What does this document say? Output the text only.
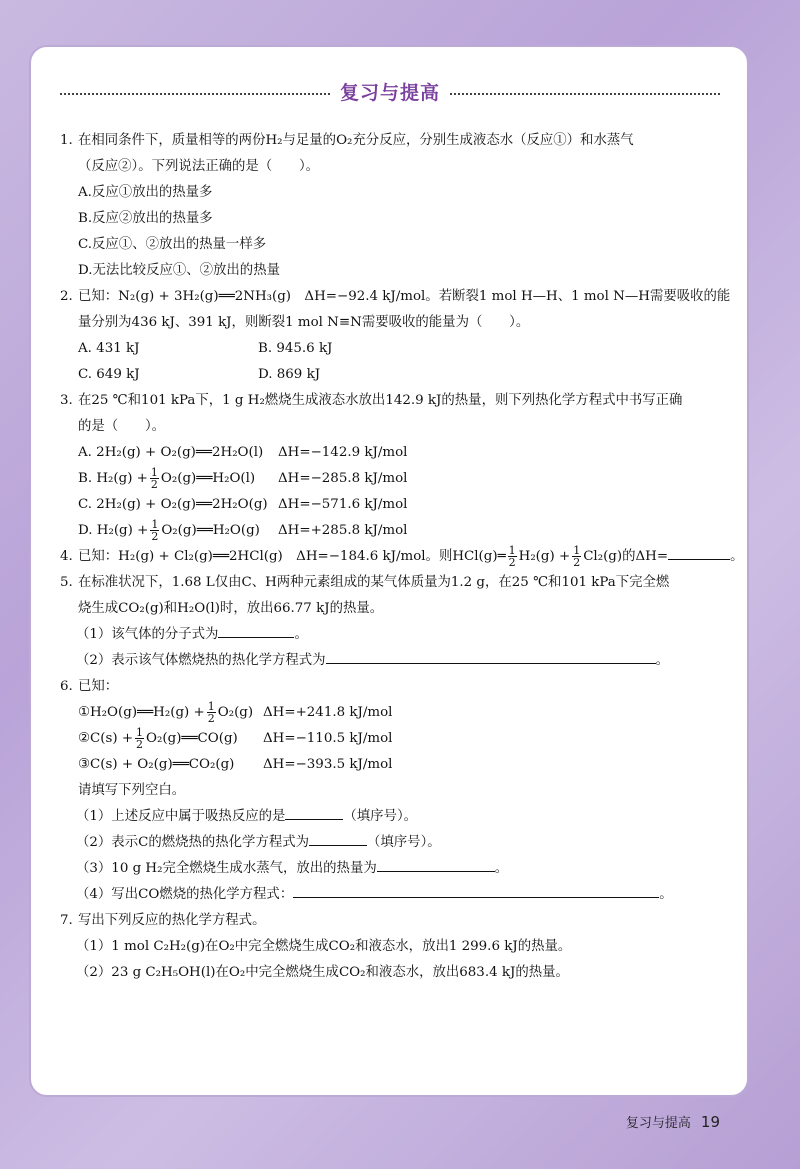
复习与提高
1. 在相同条件下，质量相等的两份H₂与足量的O₂充分反应，分别生成液态水（反应①）和水蒸气
（反应②）。下列说法正确的是（　　）。
A.反应①放出的热量多
B.反应②放出的热量多
C.反应①、②放出的热量一样多
D.无法比较反应①、②放出的热量
2. 已知：N₂(g) + 3H₂(g)══2NH₃(g)　ΔH=−92.4 kJ/mol。若断裂1 mol H—H、1 mol N—H需要吸收的能
量分别为436 kJ、391 kJ，则断裂1 mol N≡N需要吸收的能量为（　　）。
A. 431 kJ	B. 945.6 kJ
C. 649 kJ	D. 869 kJ
3. 在25 ℃和101 kPa下，1 g H₂燃烧生成液态水放出142.9 kJ的热量，则下列热化学方程式中书写正确
的是（　　）。
A. 2H₂(g) + O₂(g)══2H₂O(l)	ΔH=−142.9 kJ/mol
B. $H_2(g) + \frac{1}{2}$ O₂(g)══H₂O(l)	ΔH=−285.8 kJ/mol
C. 2H₂(g) + O₂(g)══2H₂O(g) ΔH=−571.6 kJ/mol
D. $H_2(g) + \frac{1}{2}$ O₂(g)══H₂O(g)	ΔH=+285.8 kJ/mol
4. 已知：H₂(g) + Cl₂(g)══2HCl(g)　ΔH=−184.6 kJ/mol。则HCl(g)═ $\frac{1}{2} H_2(g) + \frac{1}{2} Cl_2(g)$的ΔH=	。
5. 在标准状况下，1.68 L仅由C、H两种元素组成的某气体质量为1.2 g，在25 ℃和101 kPa下完全燃
烧生成CO₂(g)和H₂O(l)时，放出66.77 kJ的热量。
（1）该气体的分子式为	。
（2）表示该气体燃烧热的热化学方程式为	。
6. 已知：
①H₂O(g)══H₂(g) + $\frac{1}{2} O_2(g)$ ΔH=+241.8 kJ/mol
②C(s) + $\frac{1}{2}$ O₂(g)══CO(g)	ΔH=−110.5 kJ/mol
③C(s) + O₂(g)══CO₂(g)	ΔH=−393.5 kJ/mol
请填写下列空白。
（1）上述反应中属于吸热反应的是	（填序号）。
（2）表示C的燃烧热的热化学方程式为	（填序号）。
（3）10 g H₂完全燃烧生成水蒸气，放出的热量为	。
（4）写出CO燃烧的热化学方程式：	。
7. 写出下列反应的热化学方程式。
（1）1 mol C₂H₂(g)在O₂中完全燃烧生成CO₂和液态水，放出1 299.6 kJ的热量。
（2）23 g C₂H₅OH(l)在O₂中完全燃烧生成CO₂和液态水，放出683.4 kJ的热量。
复习与提高 19
